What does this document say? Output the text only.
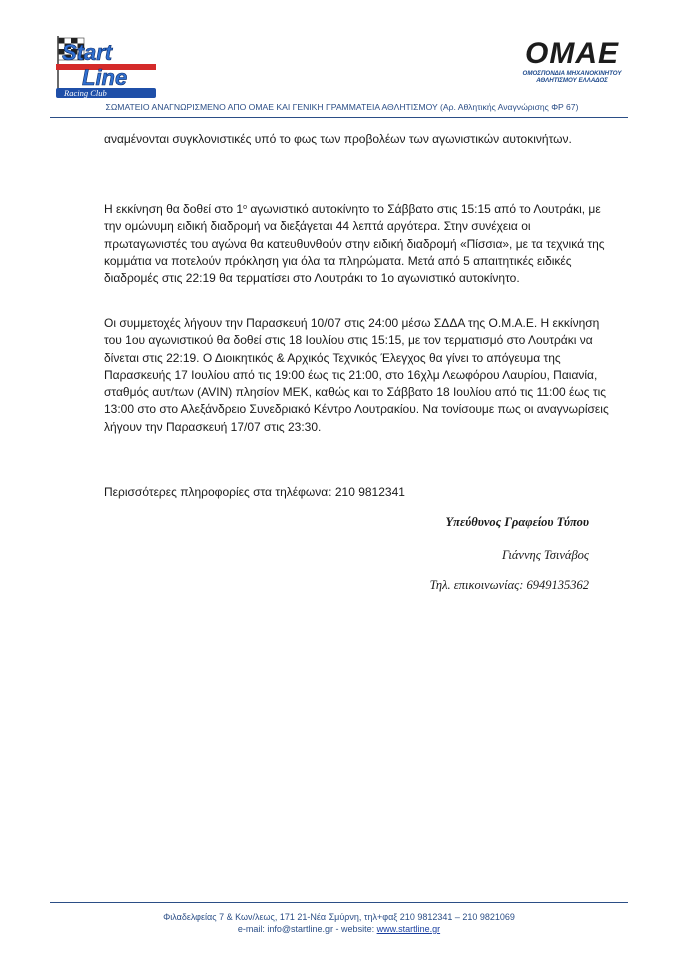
Start
Line
Racing Club
ΟΜΑΕ
ΟΜΟΣΠΟΝΔΙΑ ΜΗΧΑΝΟΚΙΝΗΤΟΥ
ΑΘΛΗΤΙΣΜΟΥ ΕΛΛΑΔΟΣ
ΣΩΜΑΤΕΙΟ ΑΝΑΓΝΩΡΙΣΜΕΝΟ ΑΠΟ ΟΜΑΕ ΚΑΙ ΓΕΝΙΚΗ ΓΡΑΜΜΑΤΕΙΑ ΑΘΛΗΤΙΣΜΟΥ (Αρ. Αθλητικής Αναγνώρισης ΦΡ 67)

αναμένονται συγκλονιστικές υπό το φως των προβολέων των αγωνιστικών αυτοκινήτων.

Η εκκίνηση θα δοθεί στο $1^o$ αγωνιστικό αυτοκίνητο το Σάββατο στις 15:15 από το Λουτράκι, με την ομώνυμη ειδική διαδρομή να διεξάγεται 44 λεπτά αργότερα. Στην συνέχεια οι πρωταγωνιστές του αγώνα θα κατευθυνθούν στην ειδική διαδρομή «Πίσσια», με τα τεχνικά της κομμάτια να ποτελούν πρόκληση για όλα τα πληρώματα. Μετά από 5 απαιτητικές ειδικές διαδρομές στις 22:19 θα τερματίσει στο Λουτράκι το 1ο αγωνιστικό αυτοκίνητο.

Οι συμμετοχές λήγουν την Παρασκευή 10/07 στις 24:00 μέσω ΣΔΔΑ της Ο.Μ.Α.Ε. Η εκκίνηση του 1ου αγωνιστικού θα δοθεί στις 18 Ιουλίου στις 15:15, με τον τερματισμό στο Λουτράκι να δίνεται στις 22:19. Ο Διοικητικός & Αρχικός Τεχνικός Έλεγχος θα γίνει το απόγευμα της Παρασκευής 17 Ιουλίου από τις 19:00 έως τις 21:00, στο 16χλμ Λεωφόρου Λαυρίου, Παιανία, σταθμός αυτ/των (AVIN) πλησίον ΜΕΚ, καθώς και το Σάββατο 18 Ιουλίου από τις 11:00 έως τις 13:00 στο στο Αλεξάνδρειο Συνεδριακό Κέντρο Λουτρακίου. Να τονίσουμε πως οι αναγνωρίσεις λήγουν την Παρασκευή 17/07 στις 23:30.

Περισσότερες πληροφορίες στα τηλέφωνα: 210 9812341

Υπεύθυνος Γραφείου Τύπου
Γιάννης Τσινάβος
Τηλ. επικοινωνίας: 6949135362
Φιλαδελφείας 7 & Κων/λεως, 171 21-Νέα Σμύρνη, τηλ+φαξ 210 9812341 – 210 9821069
e-mail: info@startline.gr - website: www.startline.gr
